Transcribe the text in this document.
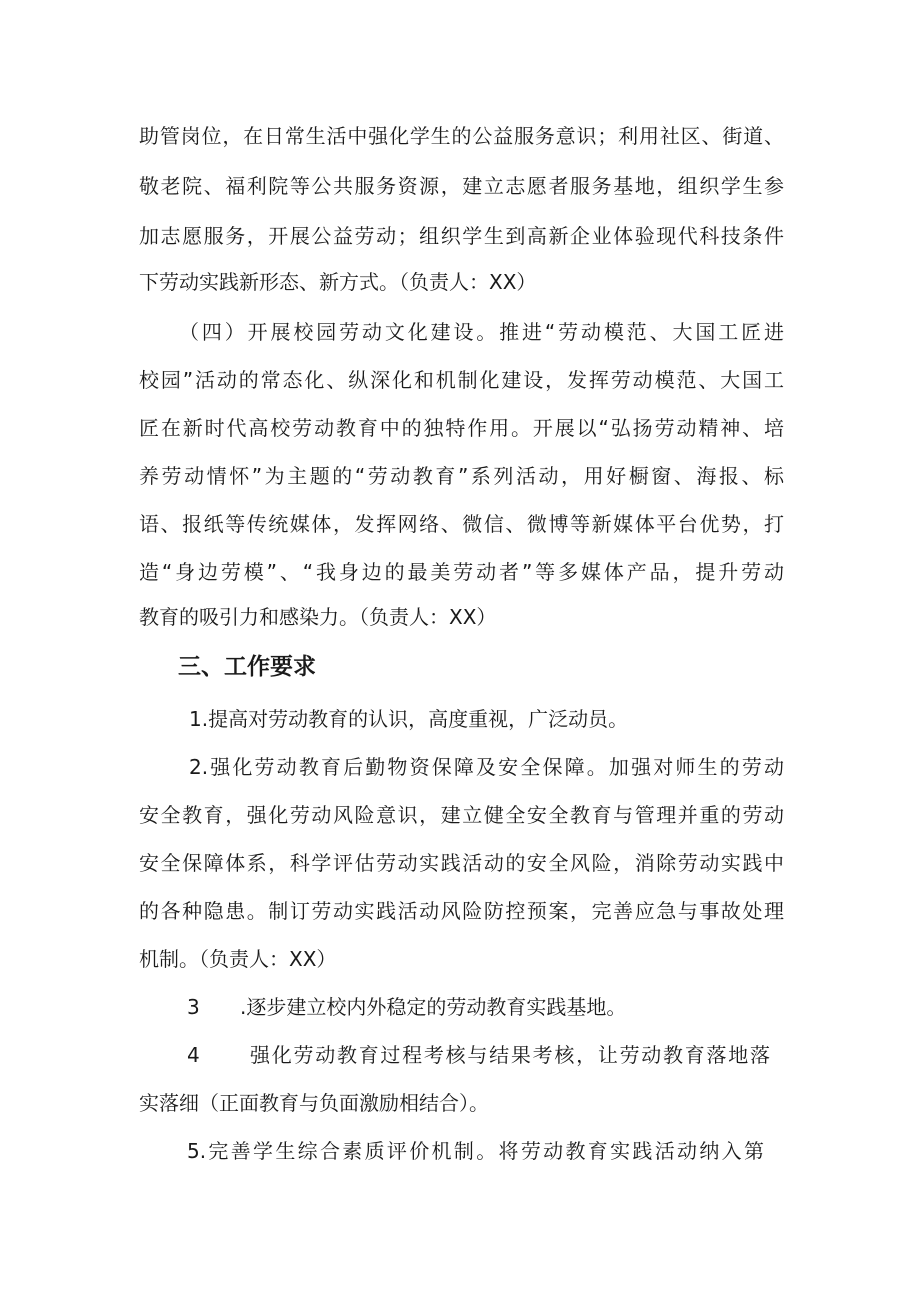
助管岗位，在日常生活中强化学生的公益服务意识；利用社区、街道、
敬老院、福利院等公共服务资源，建立志愿者服务基地，组织学生参
加志愿服务，开展公益劳动；组织学生到高新企业体验现代科技条件
下劳动实践新形态、新方式。（负责人：XX）
（四）开展校园劳动文化建设。推进“劳动模范、大国工匠进
校园”活动的常态化、纵深化和机制化建设，发挥劳动模范、大国工
匠在新时代高校劳动教育中的独特作用。开展以“弘扬劳动精神、培
养劳动情怀”为主题的“劳动教育”系列活动，用好橱窗、海报、标
语、报纸等传统媒体，发挥网络、微信、微博等新媒体平台优势，打
造“身边劳模”、“我身边的最美劳动者”等多媒体产品，提升劳动
教育的吸引力和感染力。（负责人：XX）
三、工作要求
1.提高对劳动教育的认识，高度重视，广泛动员。
2.强化劳动教育后勤物资保障及安全保障。加强对师生的劳动
安全教育，强化劳动风险意识，建立健全安全教育与管理并重的劳动
安全保障体系，科学评估劳动实践活动的安全风险，消除劳动实践中
的各种隐患。制订劳动实践活动风险防控预案，完善应急与事故处理
机制。（负责人：XX）
3 .逐步建立校内外稳定的劳动教育实践基地。
4	强化劳动教育过程考核与结果考核，让劳动教育落地落
实落细（正面教育与负面激励相结合）。
5.完善学生综合素质评价机制。将劳动教育实践活动纳入第
